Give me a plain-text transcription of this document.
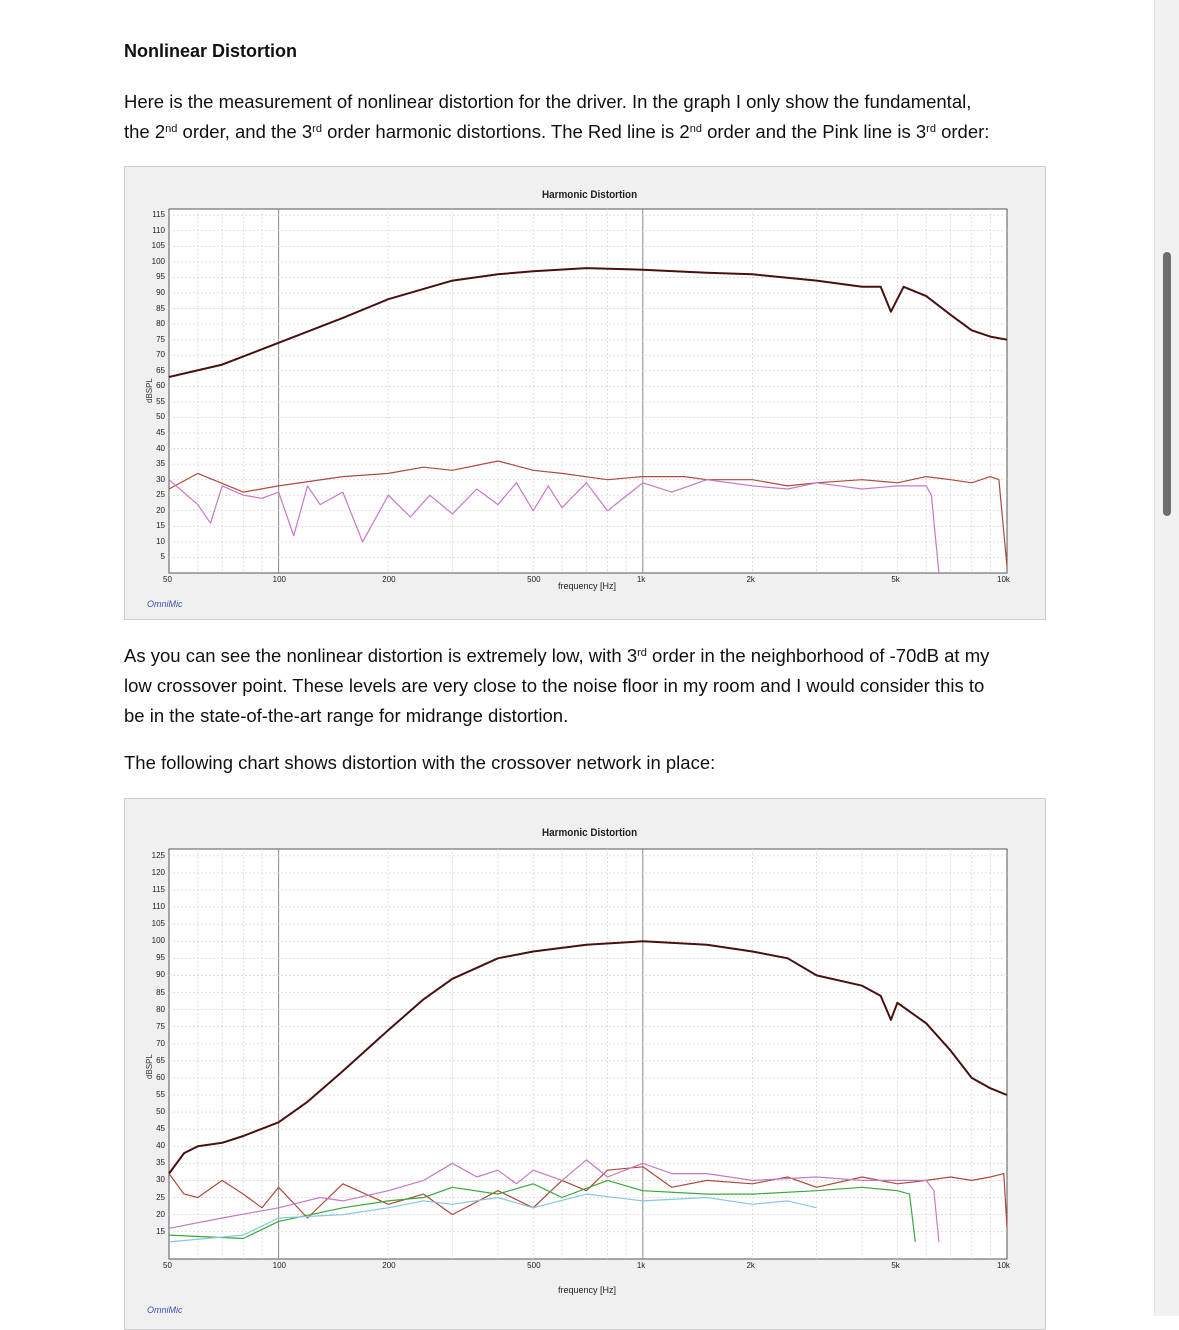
Nonlinear Distortion
Here is the measurement of nonlinear distortion for the driver. In the graph I only show the fundamental,
the 2nd order, and the 3rd order harmonic distortions. The Red line is 2nd order and the Pink line is 3rd order:
115
110
105
100
95
90
85
80
75
70
65
60
55
50
45
40
35
30
25
20
15
10
5
50	100	200	500	1k	2k	5k	10k
Harmonic Distortion
frequency [Hz]
dBSPL
OmniMic
As you can see the nonlinear distortion is extremely low, with 3rd order in the neighborhood of -70dB at my
low crossover point. These levels are very close to the noise floor in my room and I would consider this to
be in the state-of-the-art range for midrange distortion.
The following chart shows distortion with the crossover network in place:
125
120
115
110
105
100
95
90
85
80
75
70
65
60
55
50
45
40
35
30
25
20
15
50	100	200	500	1k	2k	5k	10k
Harmonic Distortion
frequency [Hz]
dBSPL
OmniMic
